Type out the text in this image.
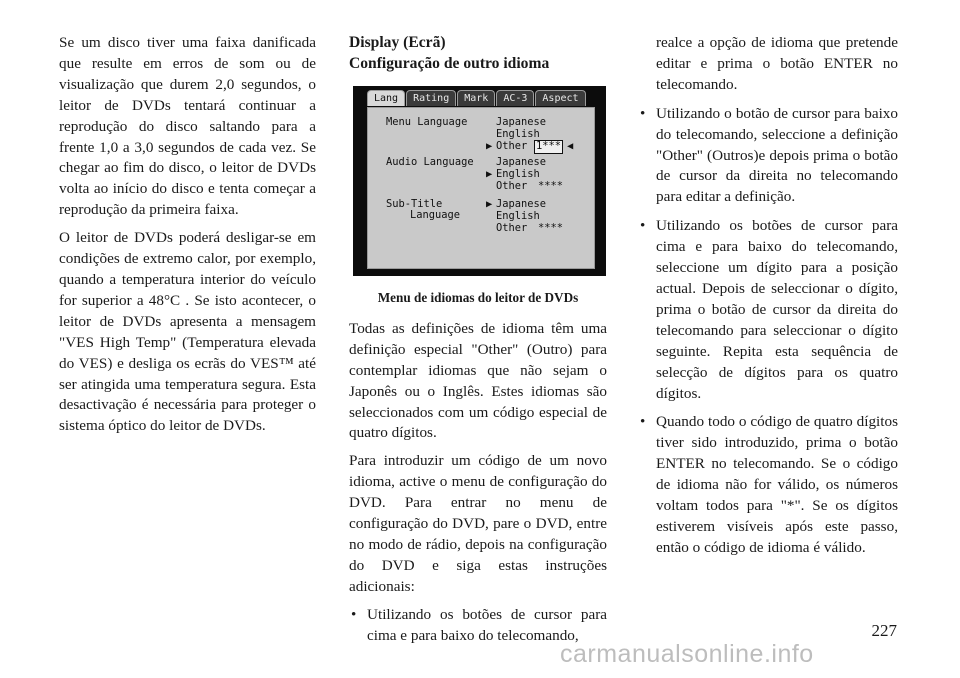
Se um disco tiver uma faixa danificada que resulte em erros de som ou de visualização que durem 2,0 segundos, o leitor de DVDs tentará continuar a reprodução do disco saltando para a frente 1,0 a 3,0 segundos de cada vez. Se chegar ao fim do disco, o leitor de DVDs volta ao início do disco e tenta começar a reprodução da primeira faixa.

O leitor de DVDs poderá desligar-se em condições de extremo calor, por exemplo, quando a temperatura interior do veículo for superior a 48°C . Se isto acontecer, o leitor de DVDs apresenta a mensagem "VES High Temp" (Temperatura elevada do VES) e desliga os ecrãs do VES™ até ser atingida uma temperatura segura. Esta desactivação é necessária para proteger o sistema óptico do leitor de DVDs.

Display (Ecrã)
Configuração de outro idioma
Lang	Rating	Mark	AC-3	Aspect
Menu Language	Japanese
English
▶ Other 1*** ◀
Audio Language Japanese
▶ English
Other ****
Sub-Title
Language
▶ Japanese
English
Other ****
Menu de idiomas do leitor de DVDs

Todas as definições de idioma têm uma definição especial "Other" (Outro) para contemplar idiomas que não sejam o Japonês ou o Inglês. Estes idiomas são seleccionados com um código especial de quatro dígitos.

Para introduzir um código de um novo idioma, active o menu de configuração do DVD. Para entrar no menu de configuração do DVD, pare o DVD, entre no modo de rádio, depois na configuração do DVD e siga estas instruções adicionais:

• Utilizando os botões de cursor para cima e para baixo do telecomando,
realce a opção de idioma que pretende editar e prima o botão ENTER no telecomando.
• Utilizando o botão de cursor para baixo do telecomando, seleccione a definição "Other" (Outros)e depois prima o botão de cursor da direita no telecomando para editar a definição.
• Utilizando os botões de cursor para cima e para baixo do telecomando, seleccione um dígito para a posição actual. Depois de seleccionar o dígito, prima o botão de cursor da direita do telecomando para seleccionar o dígito seguinte. Repita esta sequência de selecção de dígitos para os quatro dígitos.
• Quando todo o código de quatro dígitos tiver sido introduzido, prima o botão ENTER no telecomando. Se o código de idioma não for válido, os números voltam todos para "*". Se os dígitos estiverem visíveis após este passo, então o código de idioma é válido.
227
carmanualsonline.info
